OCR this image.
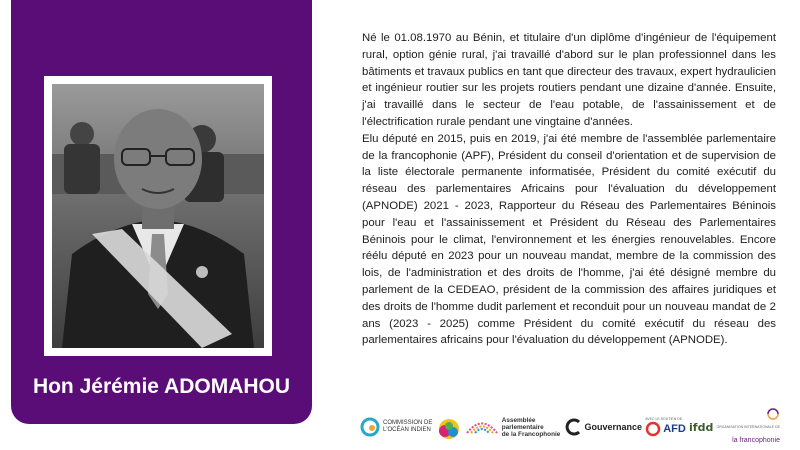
Hon Jérémie ADOMAHOU

Né le 01.08.1970 au Bénin, et titulaire d'un diplôme d'ingénieur de l'équipement rural, option génie rural, j'ai travaillé d'abord sur le plan professionnel dans les bâtiments et travaux publics en tant que directeur des travaux, expert hydraulicien et ingénieur routier sur les projets routiers pendant une dizaine d'année. Ensuite, j'ai travaillé dans le secteur de l'eau potable, de l'assainissement et de l'électrification rurale pendant une vingtaine d'années.

Elu député en 2015, puis en 2019, j'ai été membre de l'assemblée parlementaire de la francophonie (APF), Président du conseil d'orientation et de supervision de la liste électorale permanente informatisée, Président du comité exécutif du réseau des parlementaires Africains pour l'évaluation du développement (APNODE) 2021 - 2023, Rapporteur du Réseau des Parlementaires Béninois pour l'eau et l'assainissement et Président du Réseau des Parlementaires Béninois pour le climat, l'environnement et les énergies renouvelables. Encore réélu député en 2023 pour un nouveau mandat, membre de la commission des lois, de l'administration et des droits de l'homme, j'ai été désigné membre du parlement de la CEDEAO, président de la commission des affaires juridiques et des droits de l'homme dudit parlement et reconduit pour un nouveau mandat de 2 ans (2023 - 2025) comme Président du comité exécutif du réseau des parlementaires africains pour l'évaluation du développement (APNODE).

COMMISSION DE
L'OCÉAN INDIEN
Assemblée
parlementaire
de la Francophonie
Gouvernance
AVEC LE SOUTIEN DE
AFD ifdd ORGANISATION INTERNATIONALE DE
la francophonie
